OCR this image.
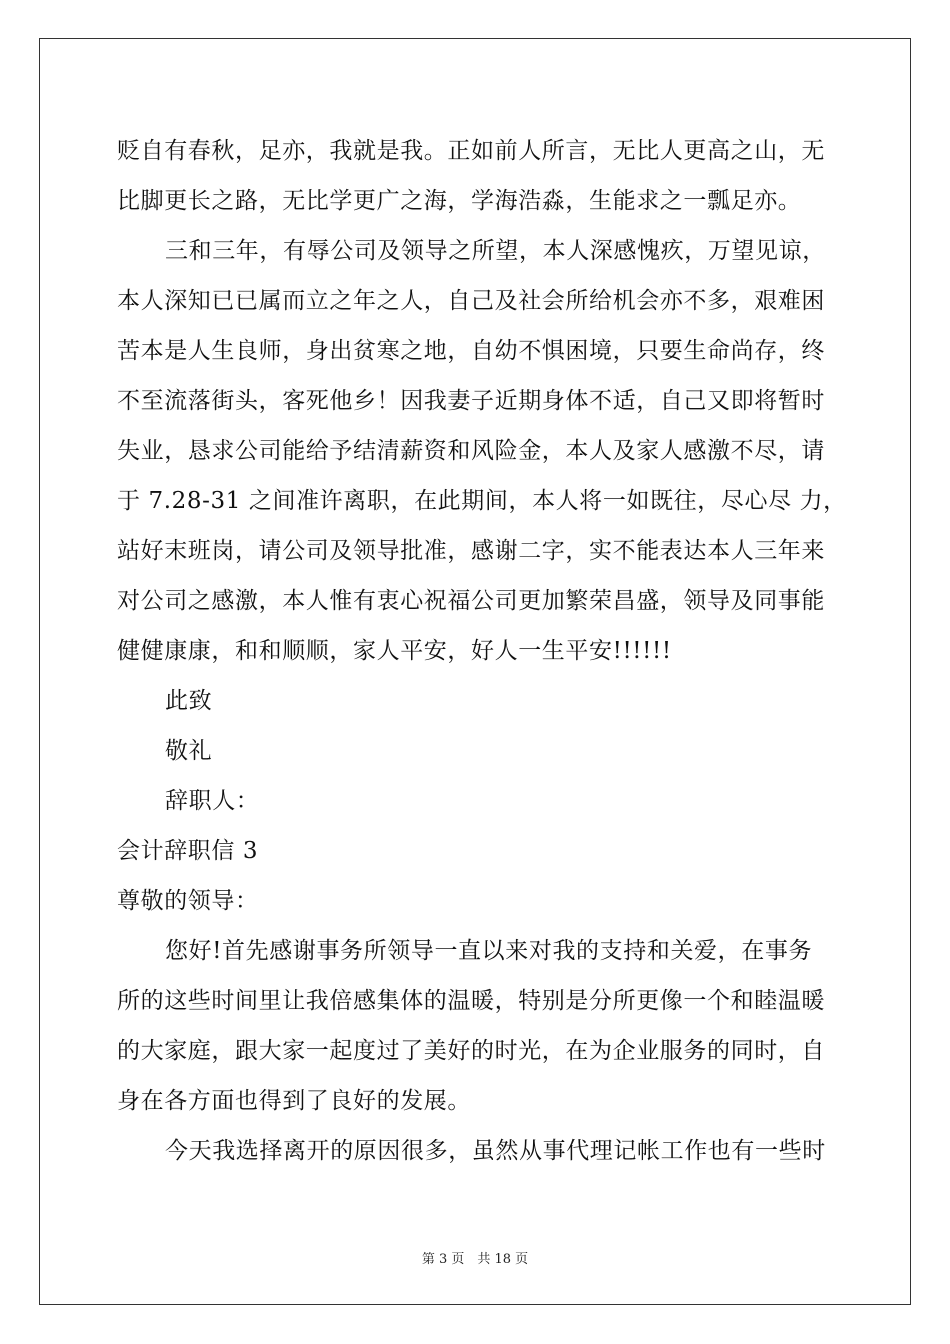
贬自有春秋，足亦，我就是我。正如前人所言，无比人更高之山，无
比脚更长之路，无比学更广之海，学海浩淼，生能求之一瓢足亦。
三和三年，有辱公司及领导之所望，本人深感愧疚，万望见谅，
本人深知已已属而立之年之人，自己及社会所给机会亦不多，艰难困
苦本是人生良师，身出贫寒之地，自幼不惧困境，只要生命尚存，终
不至流落街头，客死他乡！因我妻子近期身体不适，自己又即将暂时
失业，恳求公司能给予结清薪资和风险金，本人及家人感激不尽，请
于 7.28-31 之间准许离职，在此期间，本人将一如既往，尽心尽 力，
站好末班岗，请公司及领导批准，感谢二字，实不能表达本人三年来
对公司之感激，本人惟有衷心祝福公司更加繁荣昌盛，领导及同事能
健健康康，和和顺顺，家人平安，好人一生平安!!!!!!
此致
敬礼
辞职人：
会计辞职信 3
尊敬的领导：
您好!首先感谢事务所领导一直以来对我的支持和关爱，在事务
所的这些时间里让我倍感集体的温暖，特别是分所更像一个和睦温暖
的大家庭，跟大家一起度过了美好的时光，在为企业服务的同时，自
身在各方面也得到了良好的发展。
今天我选择离开的原因很多，虽然从事代理记帐工作也有一些时
第 3 页　共 18 页
